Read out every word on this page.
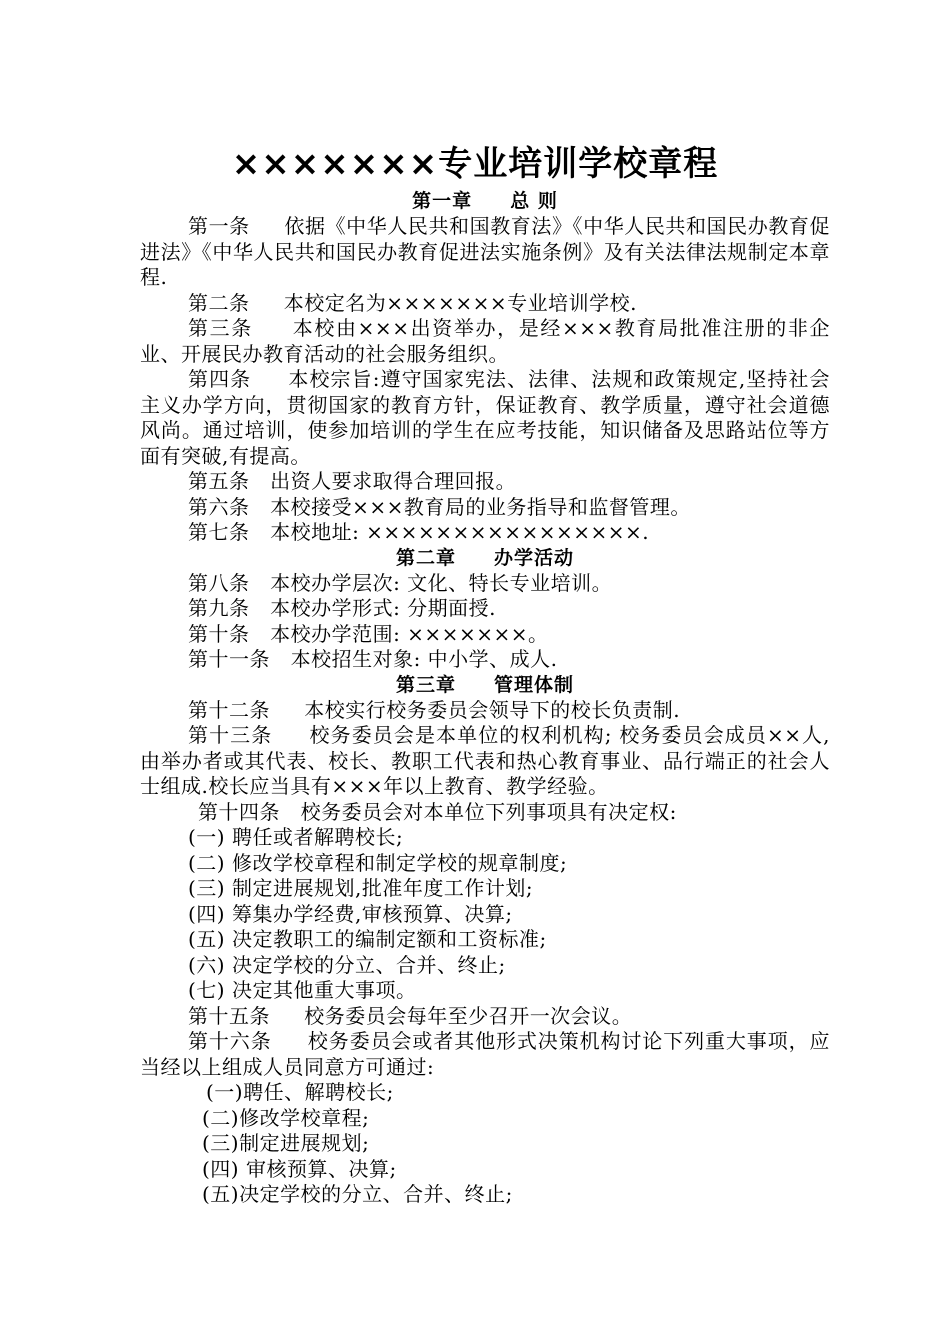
×××××××专业培训学校章程
第一章     总 则
第一条     依据《中华人民共和国教育法》《中华人民共和国民办教育促进法》《中华人民共和国民办教育促进法实施条例》及有关法律法规制定本章程.
第二条     本校定名为×××××××专业培训学校.
第三条     本校由×××出资举办，是经×××教育局批准注册的非企业、开展民办教育活动的社会服务组织。
第四条     本校宗旨:遵守国家宪法、法律、法规和政策规定,坚持社会主义办学方向，贯彻国家的教育方针，保证教育、教学质量，遵守社会道德风尚。通过培训，使参加培训的学生在应考技能，知识储备及思路站位等方面有突破,有提高。
第五条   出资人要求取得合理回报。
第六条   本校接受×××教育局的业务指导和监督管理。
第七条   本校地址: ××××××××××××××××.
第二章     办学活动
第八条   本校办学层次: 文化、特长专业培训。
第九条   本校办学形式: 分期面授.
第十条   本校办学范围: ×××××××。
第十一条   本校招生对象: 中小学、成人.
第三章     管理体制
第十二条     本校实行校务委员会领导下的校长负责制.
第十三条     校务委员会是本单位的权利机构; 校务委员会成员××人,由举办者或其代表、校长、教职工代表和热心教育事业、品行端正的社会人士组成.校长应当具有×××年以上教育、教学经验。
第十四条   校务委员会对本单位下列事项具有决定权:
(一) 聘任或者解聘校长;
(二) 修改学校章程和制定学校的规章制度;
(三) 制定进展规划,批准年度工作计划;
(四) 筹集办学经费,审核预算、决算;
(五) 决定教职工的编制定额和工资标准;
(六) 决定学校的分立、合并、终止;
(七) 决定其他重大事项。
第十五条     校务委员会每年至少召开一次会议。
第十六条     校务委员会或者其他形式决策机构讨论下列重大事项，应当经以上组成人员同意方可通过:
(一)聘任、解聘校长;
(二)修改学校章程;
(三)制定进展规划;
(四) 审核预算、决算;
(五)决定学校的分立、合并、终止;
